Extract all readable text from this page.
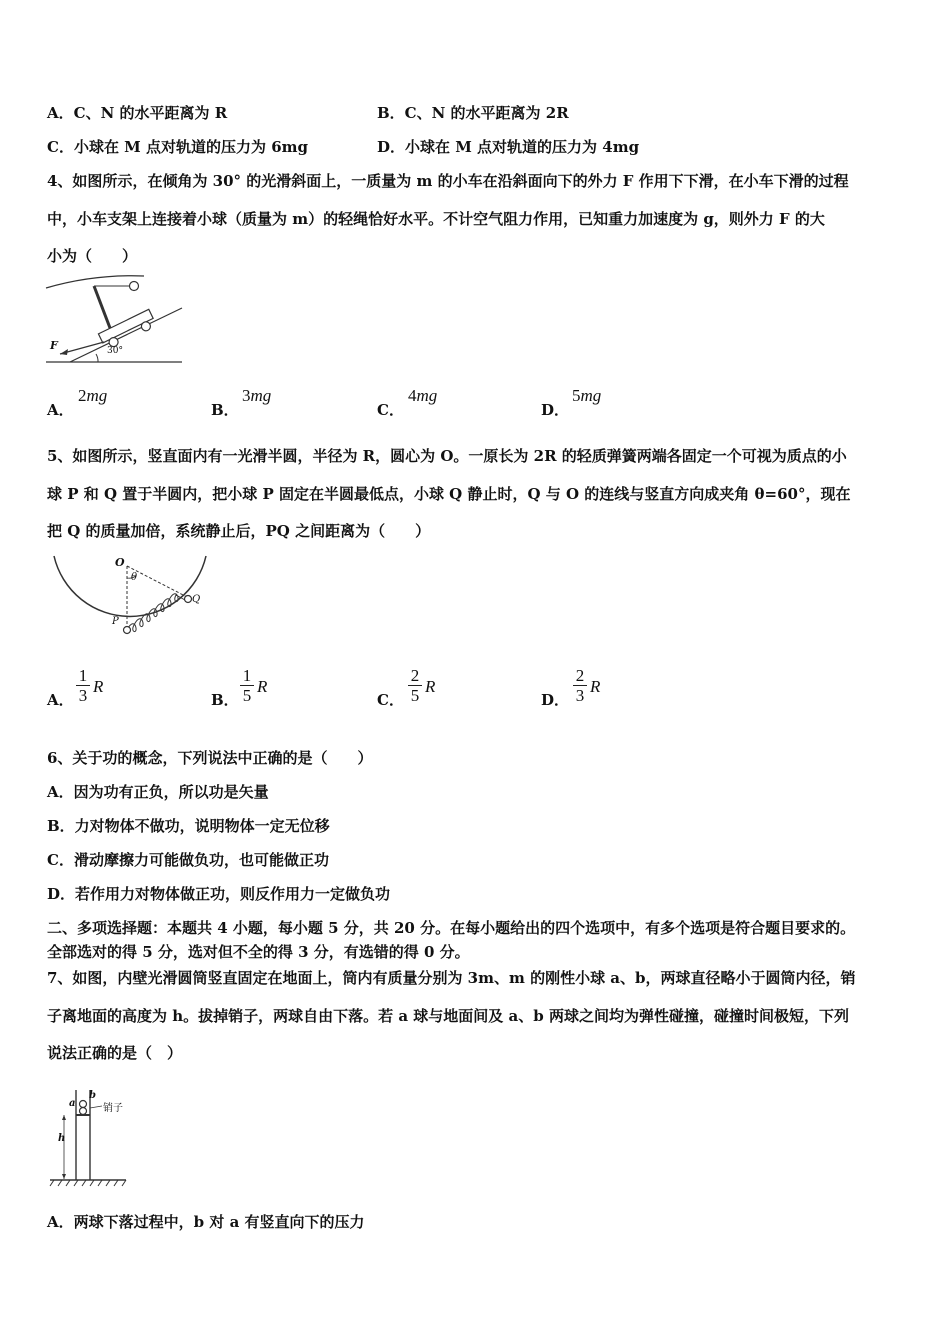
A．C、N 的水平距离为 R	B．C、N 的水平距离为 2R
C．小球在 M 点对轨道的压力为 6mg	D．小球在 M 点对轨道的压力为 4mg
4、如图所示，在倾角为 30° 的光滑斜面上，一质量为 m 的小车在沿斜面向下的外力 F 作用下下滑，在小车下滑的过程
中，小车支架上连接着小球（质量为 m）的轻绳恰好水平。不计空气阻力作用，已知重力加速度为 g，则外力 F 的大
小为（　　）
F	30°
A．
2mg
B．
3mg
C．
4mg
D．
5mg
5、如图所示，竖直面内有一光滑半圆，半径为 R，圆心为 O。一原长为 2R 的轻质弹簧两端各固定一个可视为质点的小
球 P 和 Q 置于半圆内，把小球 P 固定在半圆最低点，小球 Q 静止时，Q 与 O 的连线与竖直方向成夹角 θ=60°，现在
把 Q 的质量加倍，系统静止后，PQ 之间距离为（　　）
O
θ
P
Q
A． $\frac{1}{3}$ R
B． $\frac{1}{5}$ R
C． $\frac{2}{5}$ R
D． $\frac{2}{3}$ R
6、关于功的概念，下列说法中正确的是（　　）
A．因为功有正负，所以功是矢量
B．力对物体不做功，说明物体一定无位移
C．滑动摩擦力可能做负功，也可能做正功
D．若作用力对物体做正功，则反作用力一定做负功
二、多项选择题：本题共 4 小题，每小题 5 分，共 20 分。在每小题给出的四个选项中，有多个选项是符合题目要求的。
全部选对的得 5 分，选对但不全的得 3 分，有选错的得 0 分。
7、如图，内壁光滑圆筒竖直固定在地面上，筒内有质量分别为 3m、m 的刚性小球 a、b，两球直径略小于圆筒内径，销
子离地面的高度为 h。拔掉销子，两球自由下落。若 a 球与地面间及 a、b 两球之间均为弹性碰撞，碰撞时间极短，下列
说法正确的是（　）
a
b
销子
h
A．两球下落过程中，b 对 a 有竖直向下的压力
